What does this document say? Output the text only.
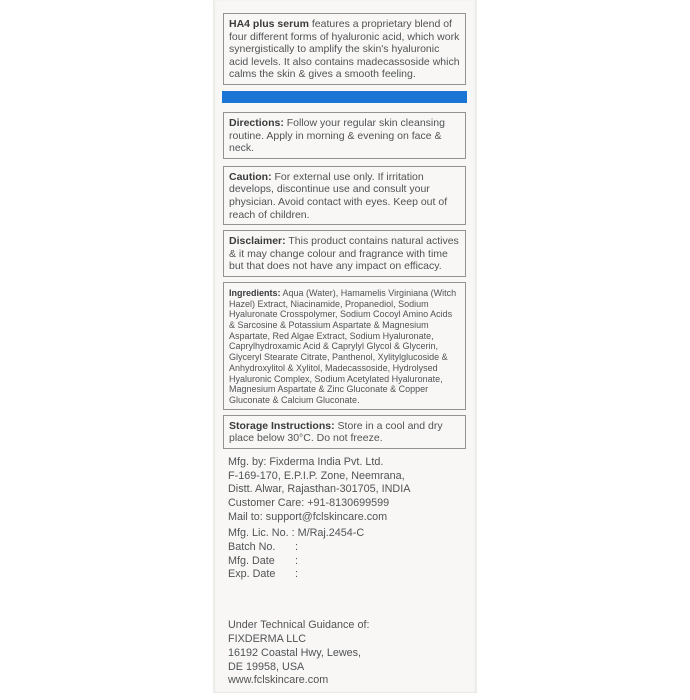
HA4 plus serum features a proprietary blend of four different forms of hyaluronic acid, which work synergistically to amplify the skin's hyaluronic acid levels. It also contains madecassoside which calms the skin & gives a smooth feeling.
Directions: Follow your regular skin cleansing routine. Apply in morning & evening on face & neck.
Caution: For external use only. If irritation develops, discontinue use and consult your physician. Avoid contact with eyes. Keep out of reach of children.
Disclaimer: This product contains natural actives & it may change colour and fragrance with time but that does not have any impact on efficacy.
Ingredients: Aqua (Water), Hamamelis Virginiana (Witch Hazel) Extract, Niacinamide, Propanediol, Sodium Hyaluronate Crosspolymer, Sodium Cocoyl Amino Acids & Sarcosine & Potassium Aspartate & Magnesium Aspartate, Red Algae Extract, Sodium Hyaluronate, Caprylhydroxamic Acid & Caprylyl Glycol & Glycerin, Glyceryl Stearate Citrate, Panthenol, Xylitylglucoside & Anhydroxylitol & Xylitol, Madecassoside, Hydrolysed Hyaluronic Complex, Sodium Acetylated Hyaluronate, Magnesium Aspartate & Zinc Gluconate & Copper Gluconate & Calcium Gluconate.
Storage Instructions: Store in a cool and dry place below 30°C. Do not freeze.
Mfg. by: Fixderma India Pvt. Ltd.
F-169-170, E.P.I.P. Zone, Neemrana,
Distt. Alwar, Rajasthan-301705, INDIA
Customer Care: +91-8130699599
Mail to: support@fclskincare.com
Mfg. Lic. No. : M/Raj.2454-C
Batch No. :
Mfg. Date :
Exp. Date :
Under Technical Guidance of:
FIXDERMA LLC
16192 Coastal Hwy, Lewes,
DE 19958, USA
www.fclskincare.com
